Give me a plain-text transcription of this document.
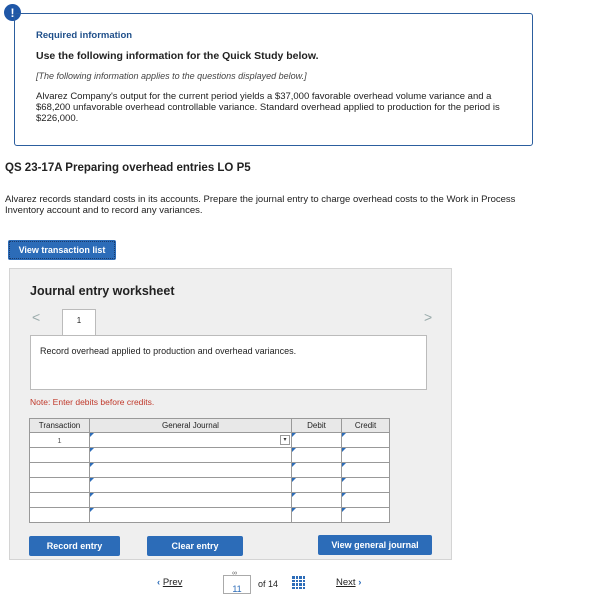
!

Required information

Use the following information for the Quick Study below.

[The following information applies to the questions displayed below.]

Alvarez Company's output for the current period yields a $37,000 favorable overhead volume variance and a $68,200 unfavorable overhead controllable variance. Standard overhead applied to production for the period is $226,000.

QS 23-17A Preparing overhead entries LO P5

Alvarez records standard costs in its accounts. Prepare the journal entry to charge overhead costs to the Work in Process Inventory account and to record any variances.

View transaction list

Journal entry worksheet

<	>
1
Record overhead applied to production and overhead variances.

Note: Enter debits before credits.

Transaction	General Journal	Debit	Credit
1	▾		

Record entry	Clear entry	View general journal
‹ Prev
∞
11	of 14	Next ›
